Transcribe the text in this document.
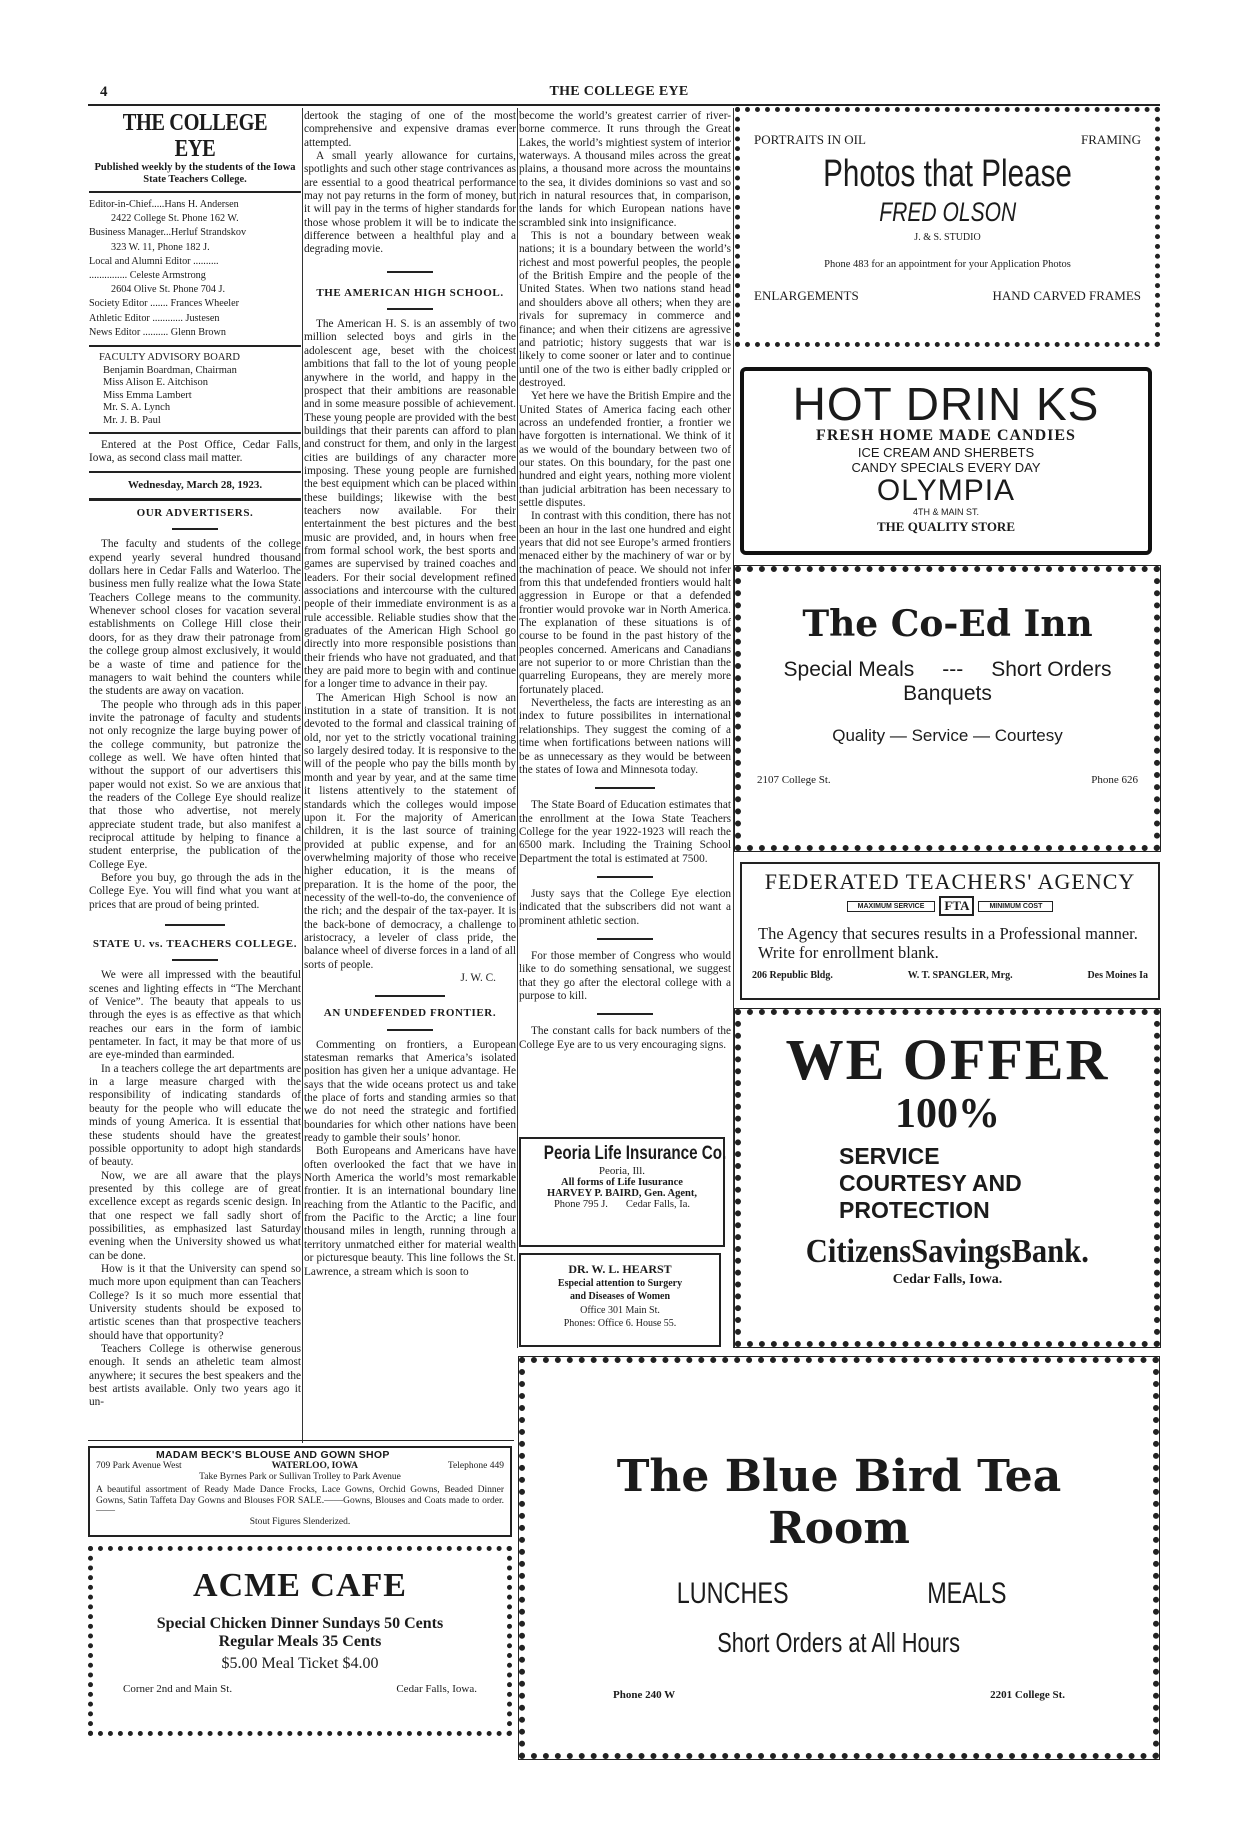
4	THE COLLEGE EYE
THE COLLEGE EYE
Published weekly by the students of the Iowa State Teachers College.
Editor-in-Chief.....Hans H. Andersen
2422 College St. Phone 162 W.
Business Manager...Herluf Strandskov
323 W. 11, Phone 182 J.
Local and Alumni Editor ..........
............... Celeste Armstrong
2604 Olive St. Phone 704 J.
Society Editor ....... Frances Wheeler
Athletic Editor ............ Justesen
News Editor .......... Glenn Brown
FACULTY ADVISORY BOARD
Benjamin Boardman, Chairman
Miss Alison E. Aitchison
Miss Emma Lambert
Mr. S. A. Lynch
Mr. J. B. Paul

Entered at the Post Office, Cedar Falls, Iowa, as second class mail matter.

Wednesday, March 28, 1923.
OUR ADVERTISERS.

The faculty and students of the college expend yearly several hundred thousand dollars here in Cedar Falls and Waterloo. The business men fully realize what the Iowa State Teachers College means to the community. Whenever school closes for vacation several establishments on College Hill close their doors, for as they draw their patronage from the college group almost exclusively, it would be a waste of time and patience for the managers to wait behind the counters while the students are away on vacation.

The people who through ads in this paper invite the patronage of faculty and students not only recognize the large buying power of the college community, but patronize the college as well. We have often hinted that without the support of our advertisers this paper would not exist. So we are anxious that the readers of the College Eye should realize that those who advertise, not merely appreciate student trade, but also manifest a reciprocal attitude by helping to finance a student enterprise, the publication of the College Eye.

Before you buy, go through the ads in the College Eye. You will find what you want at prices that are proud of being printed.

STATE U. vs. TEACHERS COLLEGE.

We were all impressed with the beautiful scenes and lighting effects in “The Merchant of Venice”. The beauty that appeals to us through the eyes is as effective as that which reaches our ears in the form of iambic pentameter. In fact, it may be that more of us are eye-minded than earminded.

In a teachers college the art departments are in a large measure charged with the responsibility of indicating standards of beauty for the people who will educate the minds of young America. It is essential that these students should have the greatest possible opportunity to adopt high standards of beauty.

Now, we are all aware that the plays presented by this college are of great excellence except as regards scenic design. In that one respect we fall sadly short of possibilities, as emphasized last Saturday evening when the University showed us what can be done.

How is it that the University can spend so much more upon equipment than can Teachers College? Is it so much more essential that University students should be exposed to artistic scenes than that prospective teachers should have that opportunity?

Teachers College is otherwise generous enough. It sends an atheletic team almost anywhere; it secures the best speakers and the best artists available. Only two years ago it un-

dertook the staging of one of the most comprehensive and expensive dramas ever attempted.

A small yearly allowance for curtains, spotlights and such other stage contrivances as are essential to a good theatrical performance may not pay returns in the form of money, but it will pay in the terms of higher standards for those whose problem it will be to indicate the difference between a healthful play and a degrading movie.

THE AMERICAN HIGH SCHOOL.

The American H. S. is an assembly of two million selected boys and girls in the adolescent age, beset with the choicest ambitions that fall to the lot of young people anywhere in the world, and happy in the prospect that their ambitions are reasonable and in some measure possible of achievement. These young people are provided with the best buildings that their parents can afford to plan and construct for them, and only in the largest cities are buildings of any character more imposing. These young people are furnished the best equipment which can be placed within these buildings; likewise with the best teachers now available. For their entertainment the best pictures and the best music are provided, and, in hours when free from formal school work, the best sports and games are supervised by trained coaches and leaders. For their social development refined associations and intercourse with the cultured people of their immediate environment is as a rule accessible. Reliable studies show that the graduates of the American High School go directly into more responsible posistions than their friends who have not graduated, and that they are paid more to begin with and continue for a longer time to advance in their pay.

The American High School is now an institution in a state of transition. It is not devoted to the formal and classical training of old, nor yet to the strictly vocational training so largely desired today. It is responsive to the will of the people who pay the bills month by month and year by year, and at the same time it listens attentively to the statement of standards which the colleges would impose upon it. For the majority of American children, it is the last source of training provided at public expense, and for an overwhelming majority of those who receive higher education, it is the means of preparation. It is the home of the poor, the necessity of the well-to-do, the convenience of the rich; and the despair of the tax-payer. It is the back-bone of democracy, a challenge to aristocracy, a leveler of class pride, the balance wheel of diverse forces in a land of all sorts of people.

J. W. C.
AN UNDEFENDED FRONTIER.

Commenting on frontiers, a European statesman remarks that America’s isolated position has given her a unique advantage. He says that the wide oceans protect us and take the place of forts and standing armies so that we do not need the strategic and fortified boundaries for which other nations have been ready to gamble their souls’ honor.

Both Europeans and Americans have have often overlooked the fact that we have in North America the world’s most remarkable frontier. It is an international boundary line reaching from the Atlantic to the Pacific, and from the Pacific to the Arctic; a line four thousand miles in length, running through a territory unmatched either for material wealth or picturesque beauty. This line follows the St. Lawrence, a stream which is soon to

become the world’s greatest carrier of river-borne commerce. It runs through the Great Lakes, the world’s mightiest system of interior waterways. A thousand miles across the great plains, a thousand more across the mountains to the sea, it divides dominions so vast and so rich in natural resources that, in comparison, the lands for which European nations have scrambled sink into insignificance.

This is not a boundary between weak nations; it is a boundary between the world’s richest and most powerful peoples, the people of the British Empire and the people of the United States. When two nations stand head and shoulders above all others; when they are rivals for supremacy in commerce and finance; and when their citizens are agressive and patriotic; history suggests that war is likely to come sooner or later and to continue until one of the two is either badly crippled or destroyed.

Yet here we have the British Empire and the United States of America facing each other across an undefended frontier, a frontier we have forgotten is international. We think of it as we would of the boundary between two of our states. On this boundary, for the past one hundred and eight years, nothing more violent than judicial arbitration has been necessary to settle disputes.

In contrast with this condition, there has not been an hour in the last one hundred and eight years that did not see Europe’s armed frontiers menaced either by the machinery of war or by the machination of peace. We should not infer from this that undefended frontiers would halt aggression in Europe or that a defended frontier would provoke war in North America. The explanation of these situations is of course to be found in the past history of the peoples concerned. Americans and Canadians are not superior to or more Christian than the quarreling Europeans, they are merely more fortunately placed.

Nevertheless, the facts are interesting as an index to future possibilites in international relationships. They suggest the coming of a time when fortifications between nations will be as unnecessary as they would be between the states of Iowa and Minnesota today.

The State Board of Education estimates that the enrollment at the Iowa State Teachers College for the year 1922-1923 will reach the 6500 mark. Including the Training School Department the total is estimated at 7500.

Justy says that the College Eye election indicated that the subscribers did not want a prominent athletic section.

For those member of Congress who would like to do something sensational, we suggest that they go after the electoral college with a purpose to kill.

The constant calls for back numbers of the College Eye are to us very encouraging signs.

PORTRAITS IN OIL	FRAMING
Photos that Please
FRED OLSON
J. & S. STUDIO
Phone 483 for an appointment for your Application Photos
ENLARGEMENTS	HAND CARVED FRAMES
HOT DRIN KS
FRESH HOME MADE CANDIES
ICE CREAM AND SHERBETS
CANDY SPECIALS EVERY DAY
OLYMPIA
4TH & MAIN ST.
THE QUALITY STORE
The Co-Ed Inn
Special Meals --- Short Orders
Banquets
Quality — Service — Courtesy
2107 College St.	Phone 626
FEDERATED TEACHERS' AGENCY
MAXIMUM SERVICE	FTA	MINIMUM COST
The Agency that secures results in a Professional manner. Write for enrollment blank.
206 Republic Bldg.	W. T. SPANGLER, Mrg.	Des Moines Ia
WE OFFER
100%
SERVICE
COURTESY AND
PROTECTION
CitizensSavingsBank.
Cedar Falls, Iowa.
Peoria Life Insurance Co.
Peoria, Ill.
All forms of Life Iusurance
HARVEY P. BAIRD, Gen. Agent,
Phone 795 J. Cedar Falls, Ia.
DR. W. L. HEARST
Especial attention to Surgery
and Diseases of Women
Office 301 Main St.
Phones: Office 6. House 55.
The Blue Bird Tea Room
LUNCHES	MEALS
Short Orders at All Hours
Phone 240 W	2201 College St.
MADAM BECK'S BLOUSE AND GOWN SHOP
709 Park Avenue West	WATERLOO, IOWA	Telephone 449
Take Byrnes Park or Sullivan Trolley to Park Avenue
A beautiful assortment of Ready Made Dance Frocks, Lace Gowns, Orchid Gowns, Beaded Dinner Gowns, Satin Taffeta Day Gowns and Blouses FOR SALE.——Gowns, Blouses and Coats made to order.——
Stout Figures Slenderized.
ACME CAFE
Special Chicken Dinner Sundays 50 Cents
Regular Meals 35 Cents
$5.00 Meal Ticket $4.00
Corner 2nd and Main St.	Cedar Falls, Iowa.
